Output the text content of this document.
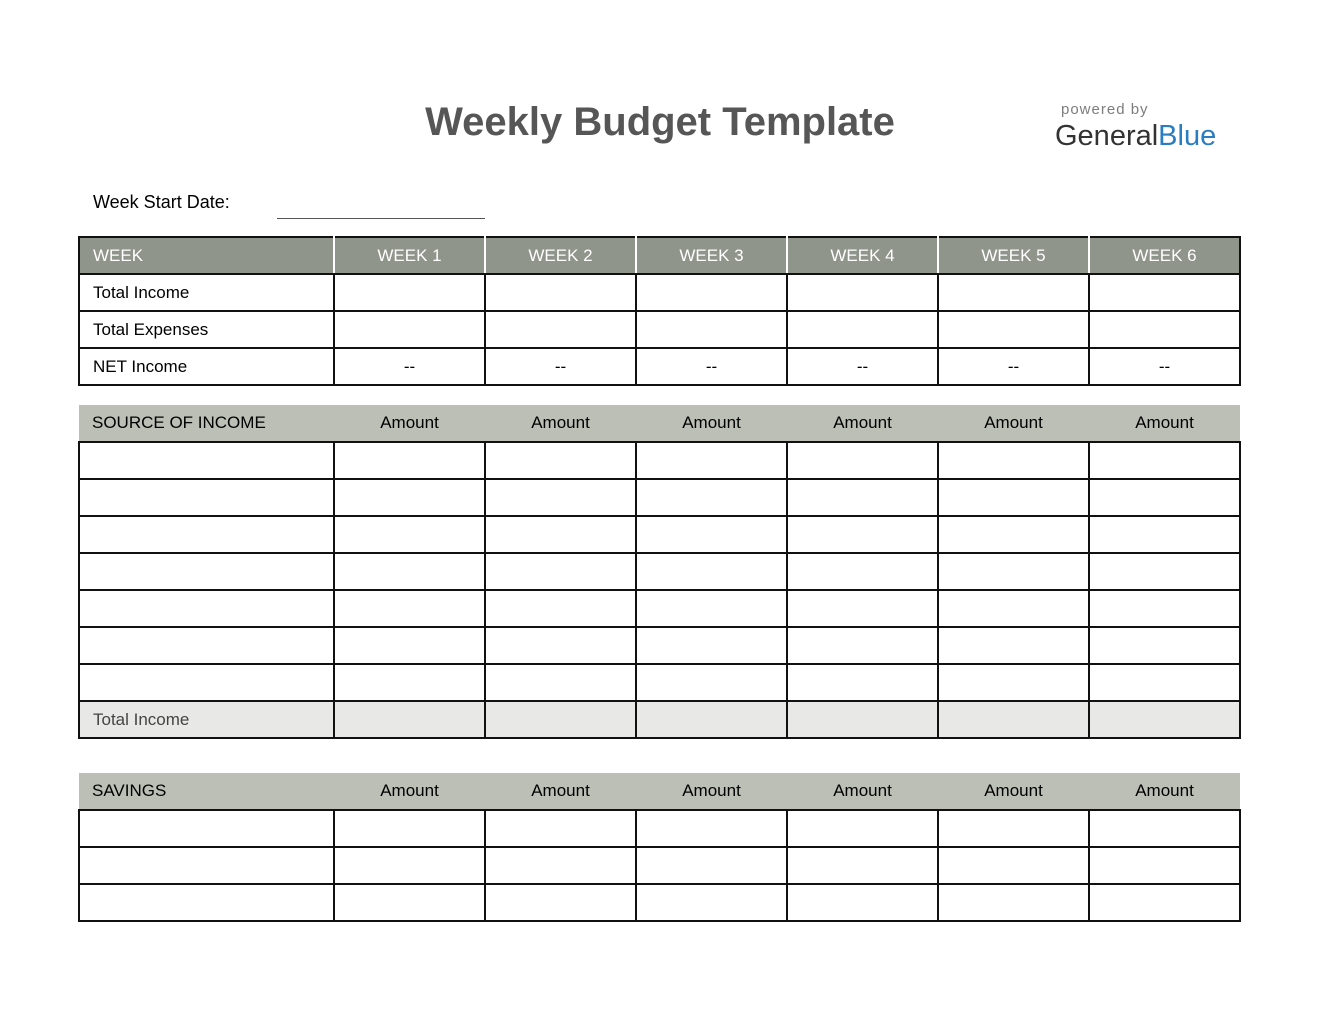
Weekly Budget Template	powered by
GeneralBlue
Week Start Date:
WEEK	WEEK 1	WEEK 2	WEEK 3	WEEK 4	WEEK 5	WEEK 6
Total Income						
Total Expenses						
NET Income	--	--	--	--	--	--
SOURCE OF INCOME	Amount	Amount	Amount	Amount	Amount	Amount

Total Income						
SAVINGS	Amount	Amount	Amount	Amount	Amount	Amount
